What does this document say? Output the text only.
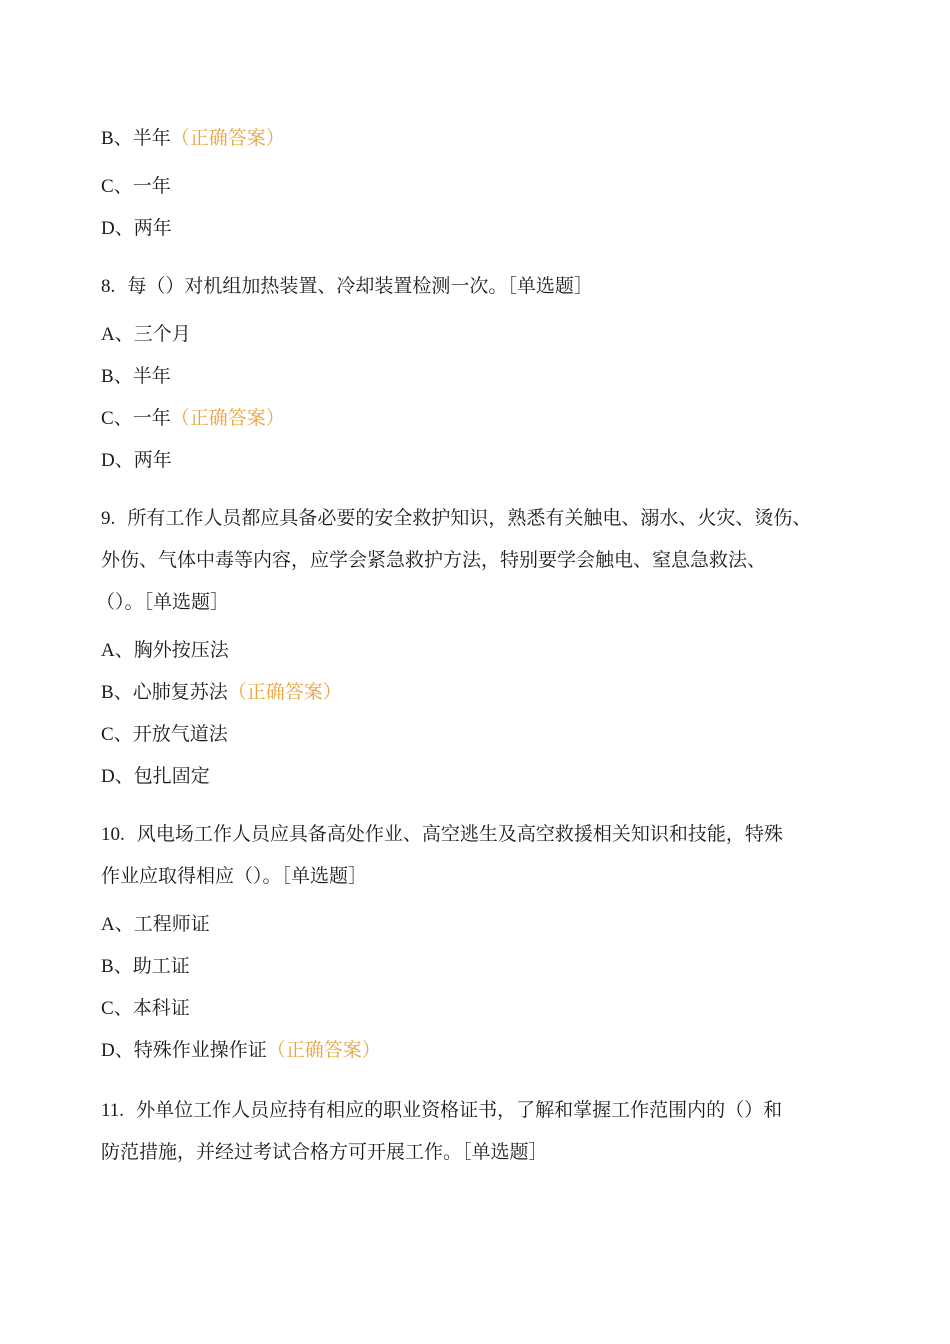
B、半年（正确答案）
C、一年
D、两年
8. 每（）对机组加热装置、冷却装置检测一次。［单选题］
A、三个月
B、半年
C、一年（正确答案）
D、两年
9. 所有工作人员都应具备必要的安全救护知识，熟悉有关触电、溺水、火灾、烫伤、
外伤、气体中毒等内容，应学会紧急救护方法，特别要学会触电、窒息急救法、
（）。［单选题］
A、胸外按压法
B、心肺复苏法（正确答案）
C、开放气道法
D、包扎固定
10. 风电场工作人员应具备高处作业、高空逃生及高空救援相关知识和技能，特殊
作业应取得相应（）。［单选题］
A、工程师证
B、助工证
C、本科证
D、特殊作业操作证（正确答案）
11. 外单位工作人员应持有相应的职业资格证书，了解和掌握工作范围内的（）和
防范措施，并经过考试合格方可开展工作。［单选题］
